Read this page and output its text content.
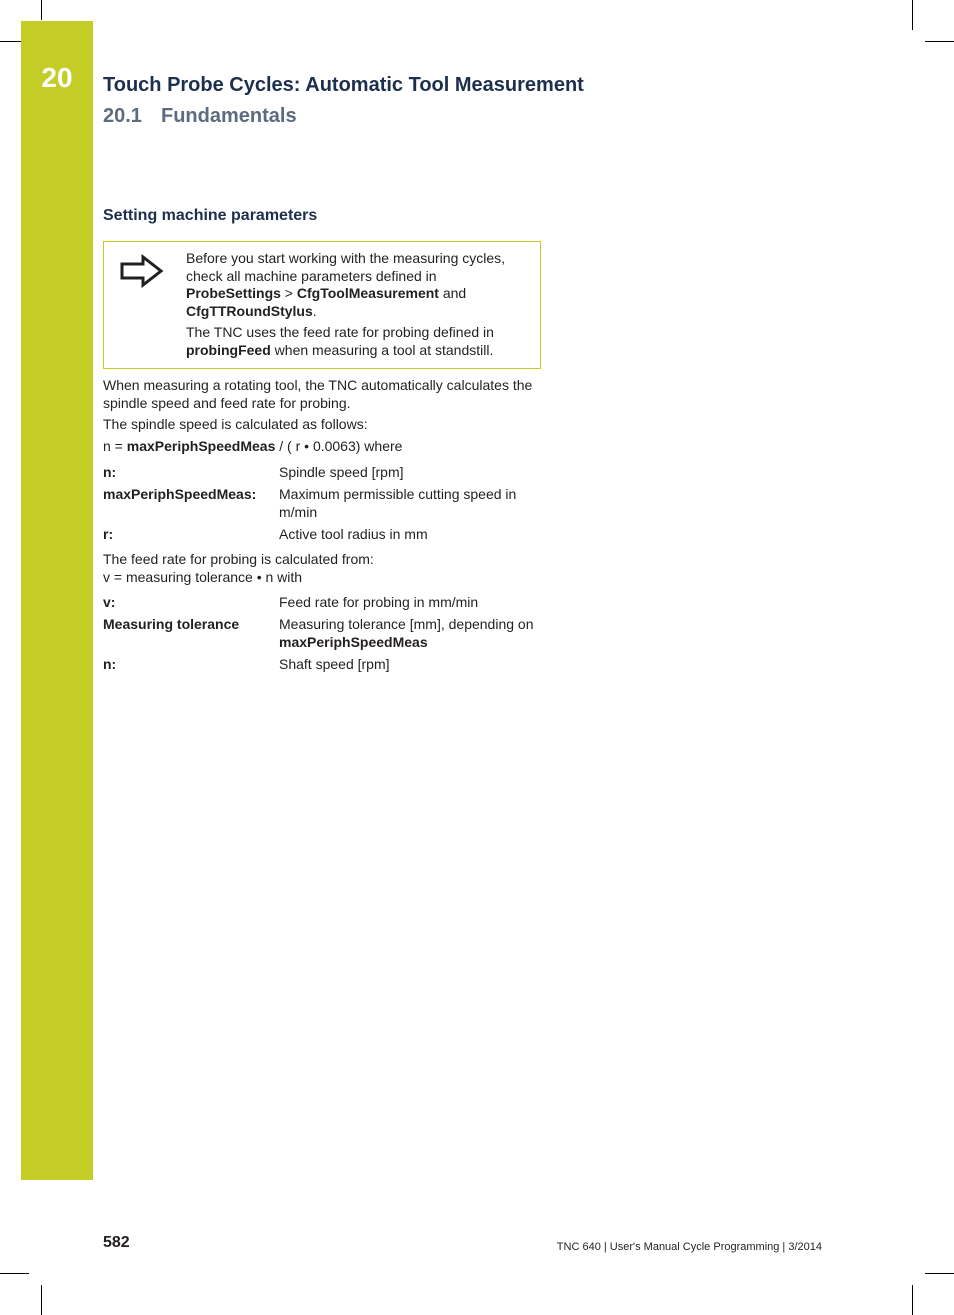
20	Touch Probe Cycles: Automatic Tool Measurement
20.1 Fundamentals
Setting machine parameters

Before you start working with the measuring cycles, check all machine parameters defined in ProbeSettings > CfgToolMeasurement and CfgTTRoundStylus.

The TNC uses the feed rate for probing defined in probingFeed when measuring a tool at standstill.

When measuring a rotating tool, the TNC automatically calculates the spindle speed and feed rate for probing.

The spindle speed is calculated as follows:

n = maxPeriphSpeedMeas / ( r • 0.0063) where

n:	Spindle speed [rpm]
maxPeriphSpeedMeas:	Maximum permissible cutting speed in m/min
r:	Active tool radius in mm

The feed rate for probing is calculated from:
v = measuring tolerance • n with

v:	Feed rate for probing in mm/min
Measuring tolerance	Measuring tolerance [mm], depending on maxPeriphSpeedMeas
n:	Shaft speed [rpm]
582	TNC 640 | User's Manual Cycle Programming | 3/2014
